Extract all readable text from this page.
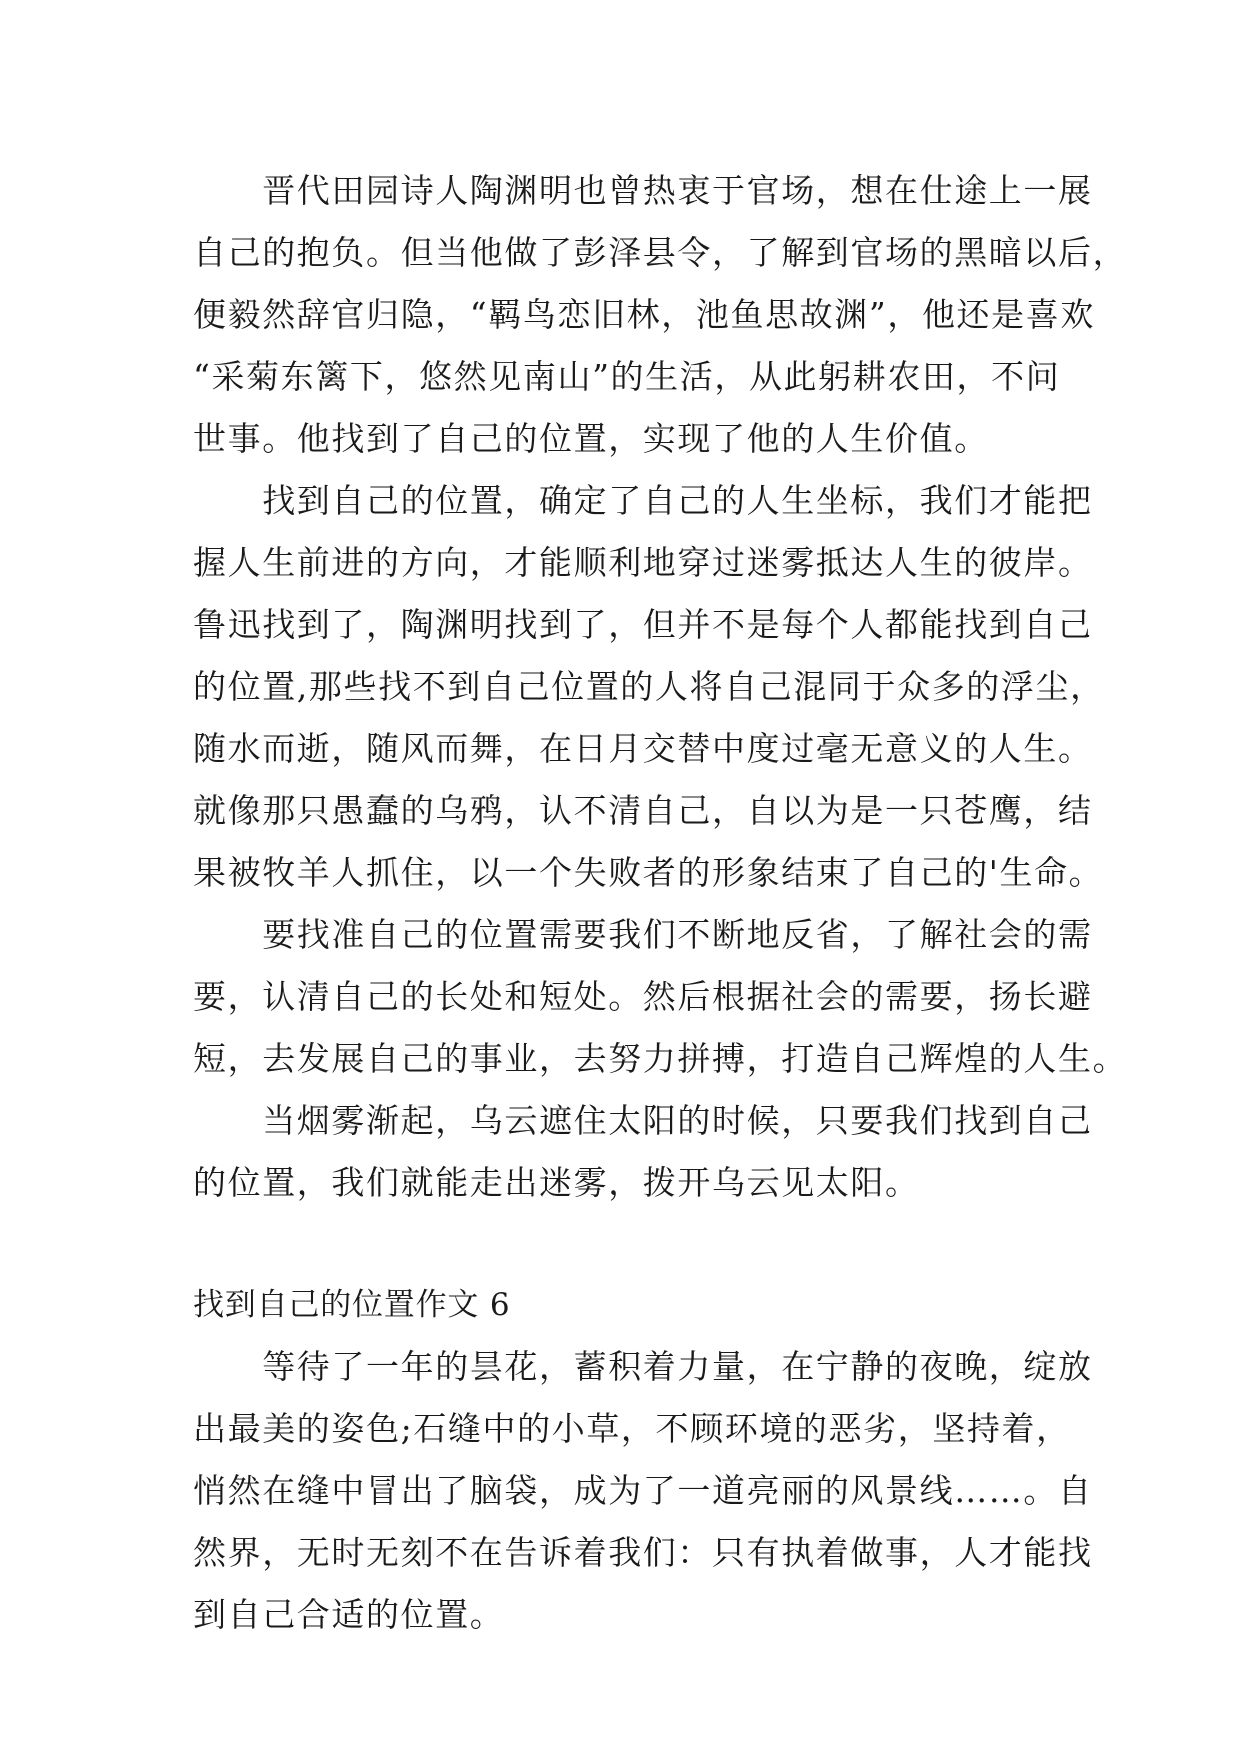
　　晋代田园诗人陶渊明也曾热衷于官场，想在仕途上一展
自己的抱负。但当他做了彭泽县令，了解到官场的黑暗以后，
便毅然辞官归隐，“羁鸟恋旧林，池鱼思故渊”，他还是喜欢
“采菊东篱下，悠然见南山”的生活，从此躬耕农田，不问
世事。他找到了自己的位置，实现了他的人生价值。
　　找到自己的位置，确定了自己的人生坐标，我们才能把
握人生前进的方向，才能顺利地穿过迷雾抵达人生的彼岸。
鲁迅找到了，陶渊明找到了，但并不是每个人都能找到自己
的位置,那些找不到自己位置的人将自己混同于众多的浮尘，
随水而逝，随风而舞，在日月交替中度过毫无意义的人生。
就像那只愚蠢的乌鸦，认不清自己，自以为是一只苍鹰，结
果被牧羊人抓住，以一个失败者的形象结束了自己的'生命。
　　要找准自己的位置需要我们不断地反省，了解社会的需
要，认清自己的长处和短处。然后根据社会的需要，扬长避
短，去发展自己的事业，去努力拼搏，打造自己辉煌的人生。
　　当烟雾渐起，乌云遮住太阳的时候，只要我们找到自己
的位置，我们就能走出迷雾，拨开乌云见太阳。
找到自己的位置作文 6
　　等待了一年的昙花，蓄积着力量，在宁静的夜晚，绽放
出最美的姿色;石缝中的小草，不顾环境的恶劣，坚持着，
悄然在缝中冒出了脑袋，成为了一道亮丽的风景线……。自
然界，无时无刻不在告诉着我们：只有执着做事，人才能找
到自己合适的位置。
